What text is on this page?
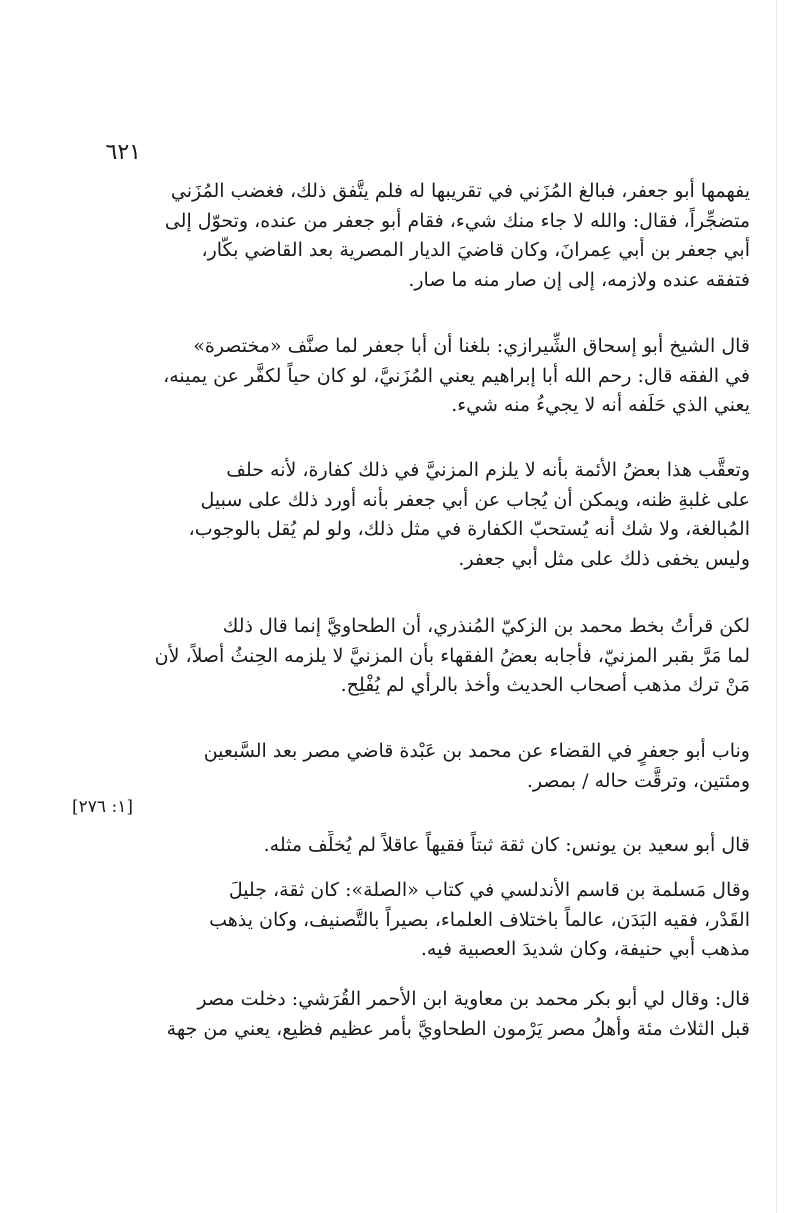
٦٢١
يفهمها أبو جعفر، فبالغ المُزَني في تقريبها له فلم يتَّفق ذلك، فغضب المُزَني
متضجِّراً، فقال: والله لا جاء منك شيء، فقام أبو جعفر من عنده، وتحوّل إلى
أبي جعفر بن أبي عِمرانَ، وكان قاضيَ الديار المصرية بعد القاضي بكَّار،
فتفقه عنده ولازمه، إلى إن صار منه ما صار.
قال الشيخ أبو إسحاق الشِّيرازي: بلغنا أن أبا جعفر لما صنَّف «مختصرة»
في الفقه قال: رحم الله أبا إبراهيم يعني المُزَنيَّ، لو كان حياً لكفَّر عن يمينه،
يعني الذي حَلَفه أنه لا يجيءُ منه شيء.
وتعقَّب هذا بعضُ الأئمة بأنه لا يلزم المزنيَّ في ذلك كفارة، لأنه حلف
على غلبةِ ظنه، ويمكن أن يُجاب عن أبي جعفر بأنه أورد ذلك على سبيل
المُبالغة، ولا شك أنه يُستحبّ الكفارة في مثل ذلك، ولو لم يُقل بالوجوب،
وليس يخفى ذلك على مثل أبي جعفر.
لكن قرأتُ بخط محمد بن الزكيّ المُنذري، أن الطحاويَّ إنما قال ذلك
لما مَرَّ بقبر المزنيّ، فأجابه بعضُ الفقهاء بأن المزنيَّ لا يلزمه الحِنثُ أصلاً، لأن
مَنْ ترك مذهب أصحاب الحديث وأخذ بالرأي لم يُفْلِح.
وناب أبو جعفرٍ في القضاء عن محمد بن عَبْدة قاضي مصر بعد السَّبعين
ومئتين، وترقَّت حاله / بمصر.
[١: ٢٧٦]
قال أبو سعيد بن يونس: كان ثقة ثبتاً فقيهاً عاقلاً لم يُخلِّف مثله.
وقال مَسلمة بن قاسم الأندلسي في كتاب «الصلة»: كان ثقة، جليلَ
القَدْر، فقيه البَدَن، عالماً باختلاف العلماء، بصيراً بالتَّصنيف، وكان يذهب
مذهب أبي حنيفة، وكان شديدَ العصبية فيه.
قال: وقال لي أبو بكر محمد بن معاوية ابن الأحمر القُرَشي: دخلت مصر
قبل الثلاث مئة وأهلُ مصر يَرْمون الطحاويَّ بأمر عظيم فظيع، يعني من جهة
